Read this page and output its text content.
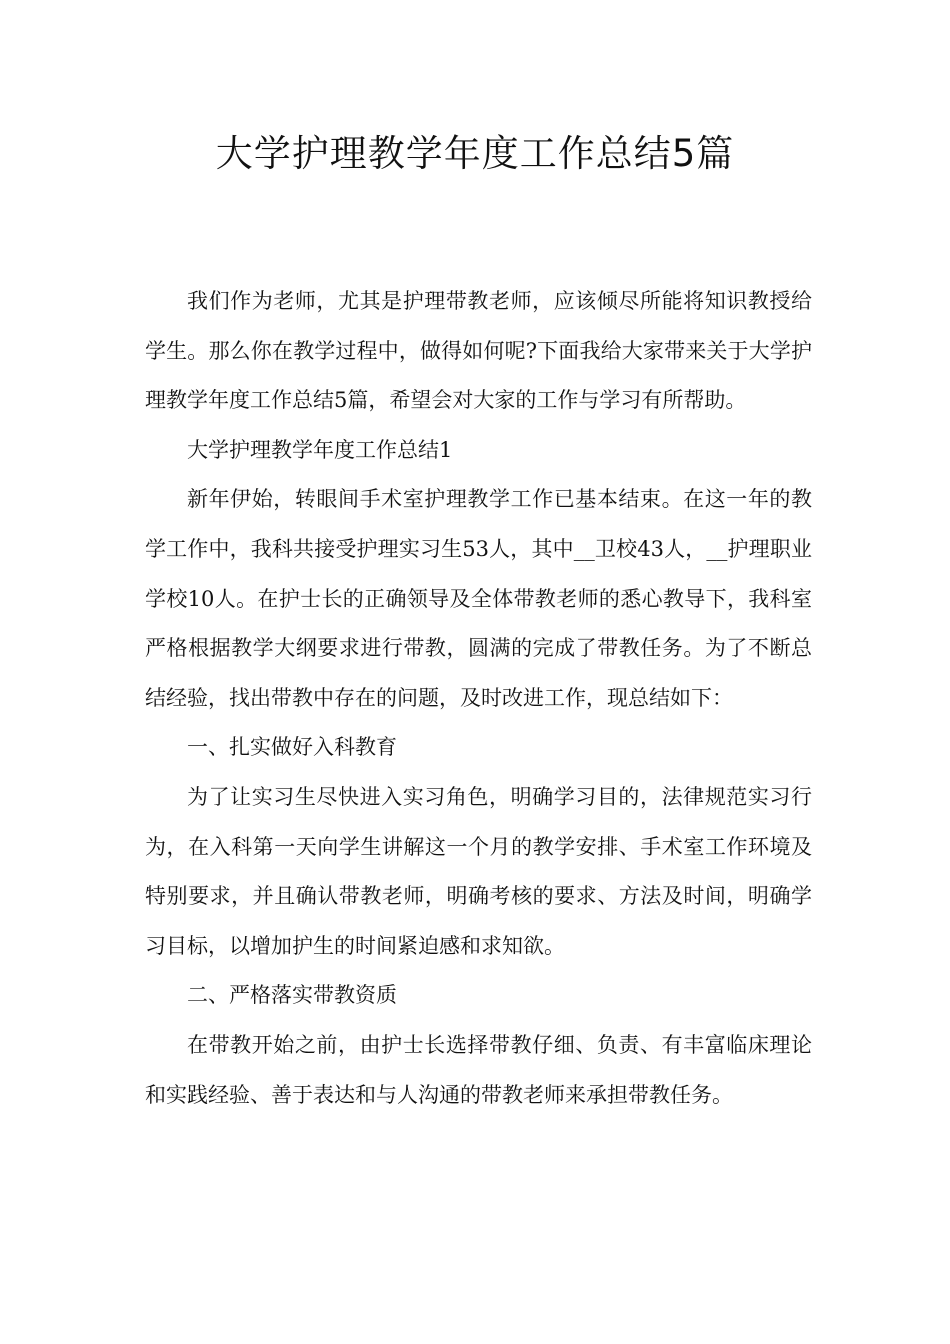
大学护理教学年度工作总结5篇

我们作为老师，尤其是护理带教老师，应该倾尽所能将知识教授给学生。那么你在教学过程中，做得如何呢?下面我给大家带来关于大学护理教学年度工作总结5篇，希望会对大家的工作与学习有所帮助。

大学护理教学年度工作总结1

新年伊始，转眼间手术室护理教学工作已基本结束。在这一年的教学工作中，我科共接受护理实习生53人，其中__卫校43人，__护理职业学校10人。在护士长的正确领导及全体带教老师的悉心教导下，我科室严格根据教学大纲要求进行带教，圆满的完成了带教任务。为了不断总结经验，找出带教中存在的问题，及时改进工作，现总结如下：

一、扎实做好入科教育

为了让实习生尽快进入实习角色，明确学习目的，法律规范实习行为，在入科第一天向学生讲解这一个月的教学安排、手术室工作环境及特别要求，并且确认带教老师，明确考核的要求、方法及时间，明确学习目标，以增加护生的时间紧迫感和求知欲。

二、严格落实带教资质

在带教开始之前，由护士长选择带教仔细、负责、有丰富临床理论和实践经验、善于表达和与人沟通的带教老师来承担带教任务。
